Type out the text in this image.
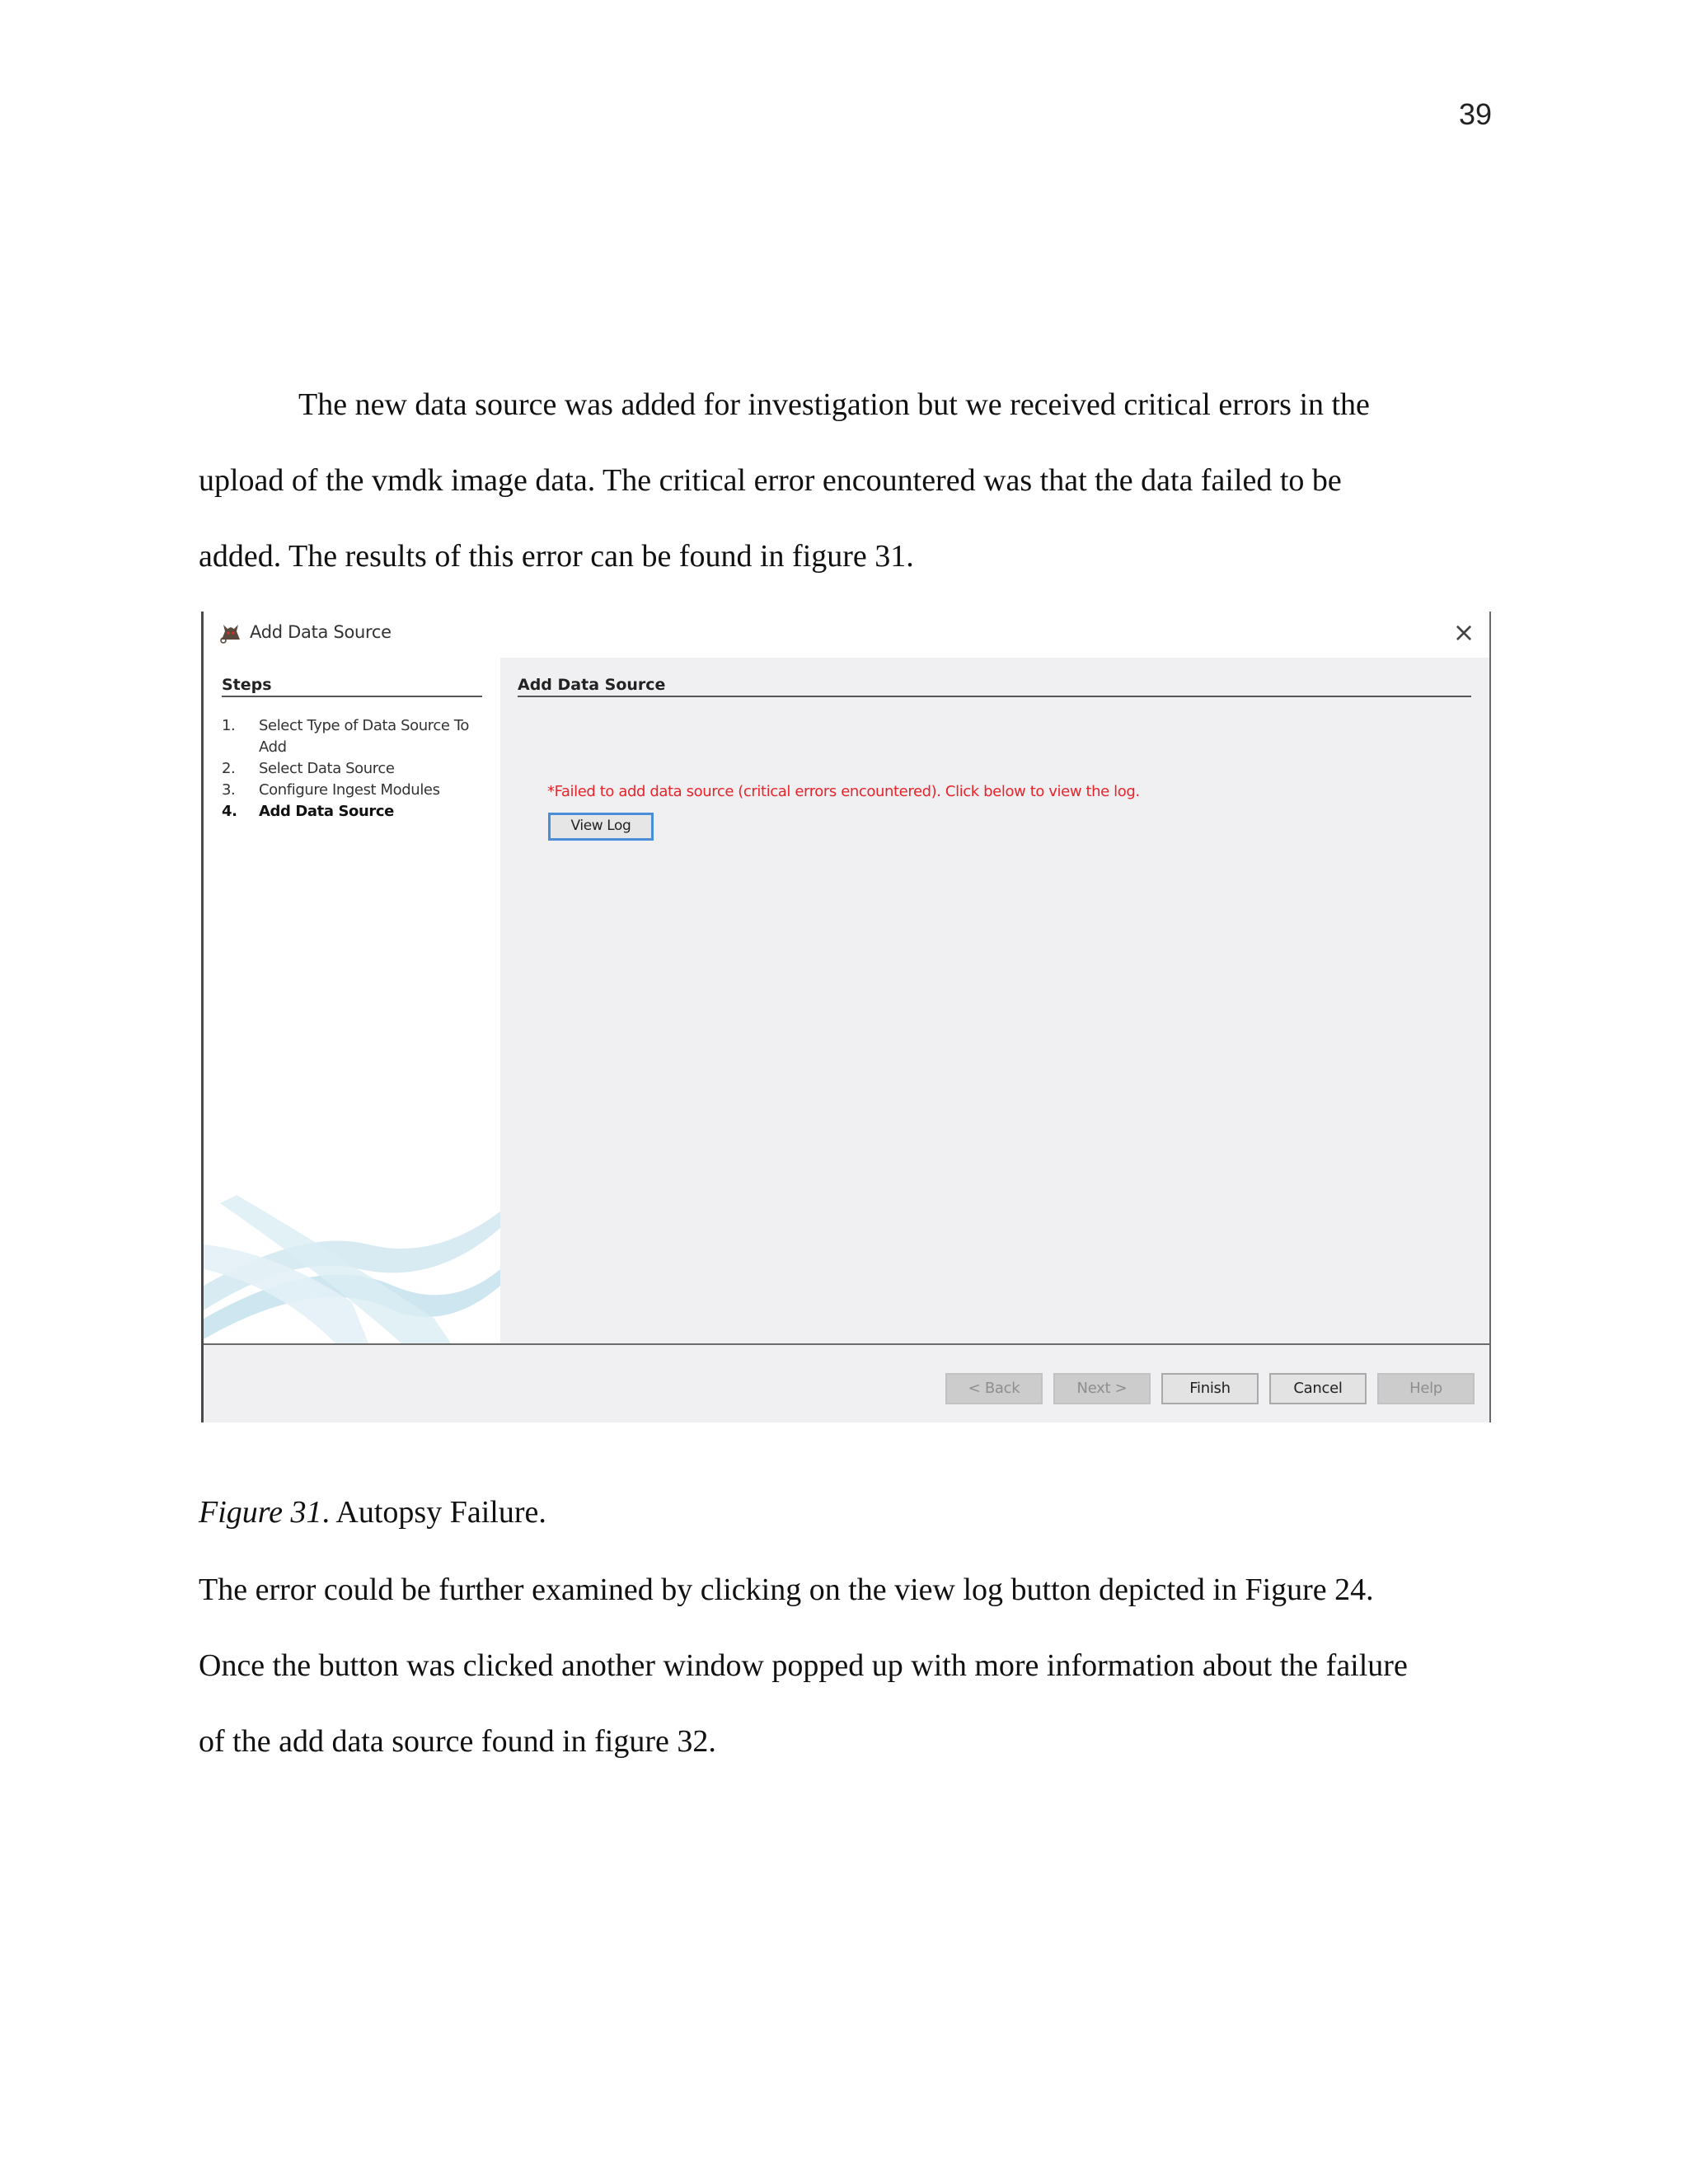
39
The new data source was added for investigation but we received critical errors in the
upload of the vmdk image data. The critical error encountered was that the data failed to be
added. The results of this error can be found in figure 31.
Add Data Source	×
Steps
1. Select Type of Data Source To Add
2. Select Data Source
3. Configure Ingest Modules
4. Add Data Source
Add Data Source
*Failed to add data source (critical errors encountered). Click below to view the log.
View Log
< Back	Next >	Finish	Cancel	Help
Figure 31. Autopsy Failure.
The error could be further examined by clicking on the view log button depicted in Figure 24.
Once the button was clicked another window popped up with more information about the failure
of the add data source found in figure 32.
